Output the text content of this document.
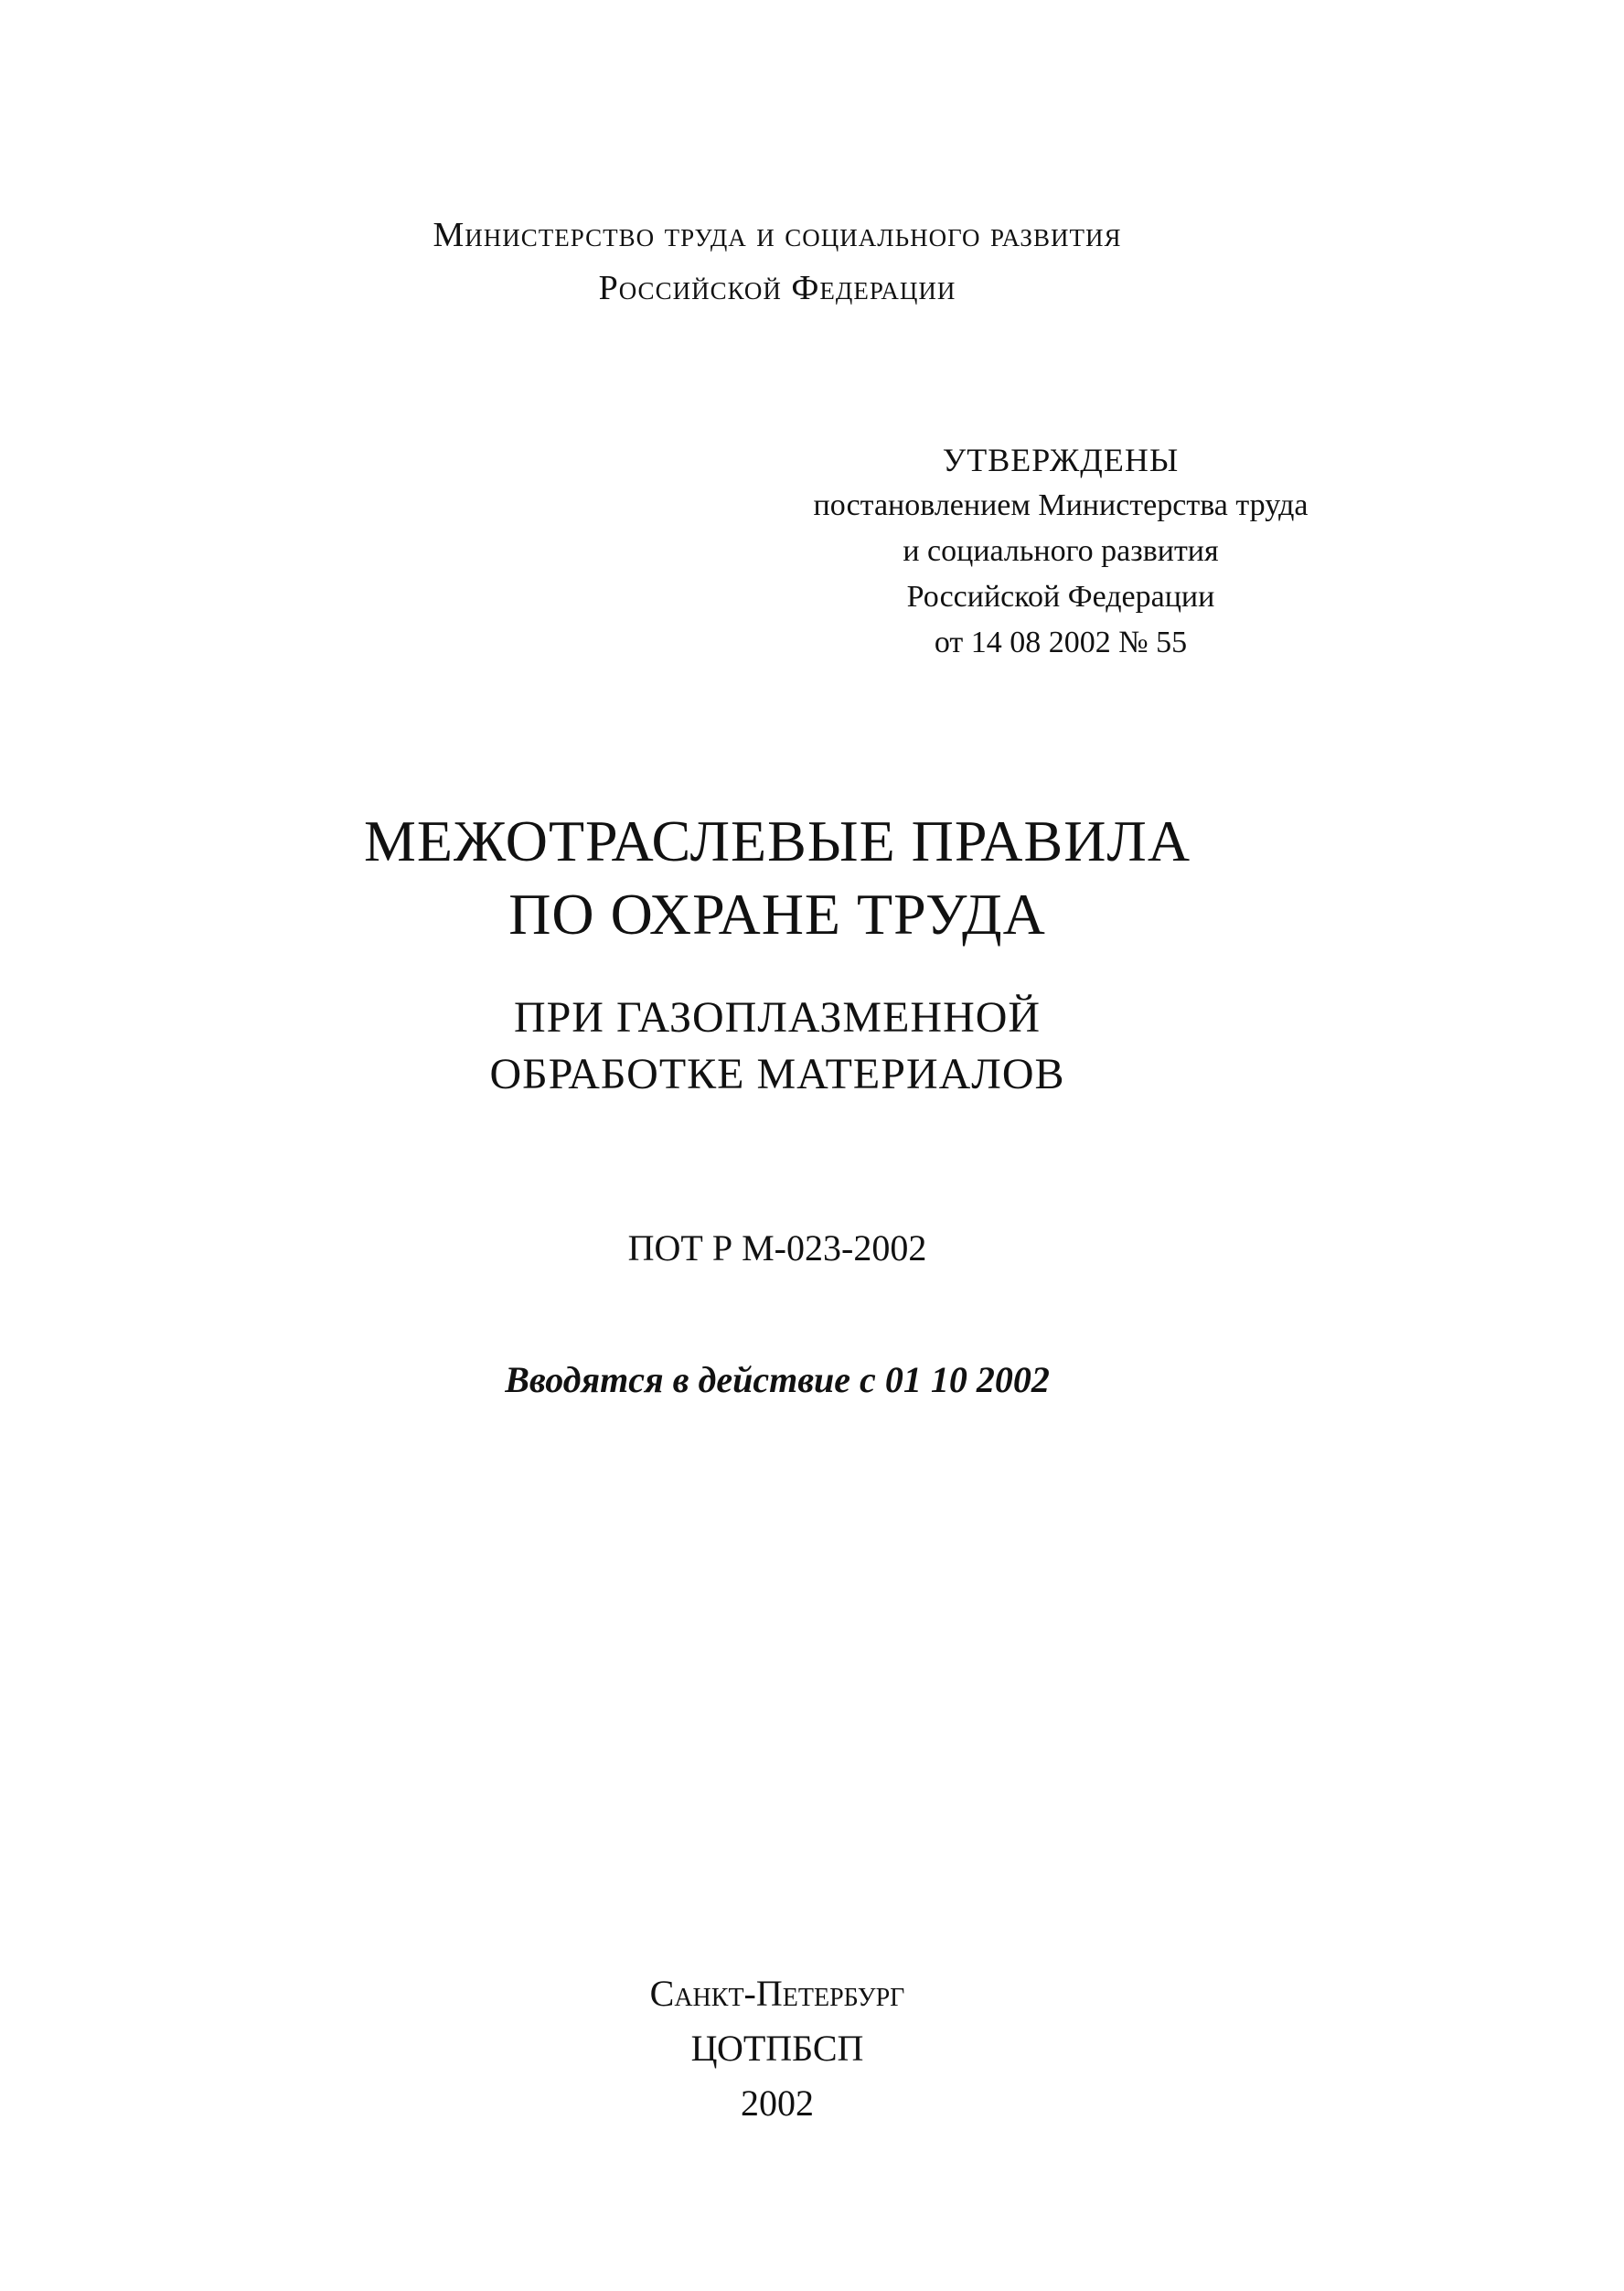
Министерство труда и социального развития
Российской Федерации
УТВЕРЖДЕНЫ
постановлением Министерства труда
и социального развития
Российской Федерации
от 14 08 2002 № 55
МЕЖОТРАСЛЕВЫЕ ПРАВИЛА
ПО ОХРАНЕ ТРУДА
ПРИ ГАЗОПЛАЗМЕННОЙ
ОБРАБОТКЕ МАТЕРИАЛОВ
ПОТ Р М-023-2002
Вводятся в действие с 01 10 2002
Санкт-Петербург
ЦОТПБСП
2002
